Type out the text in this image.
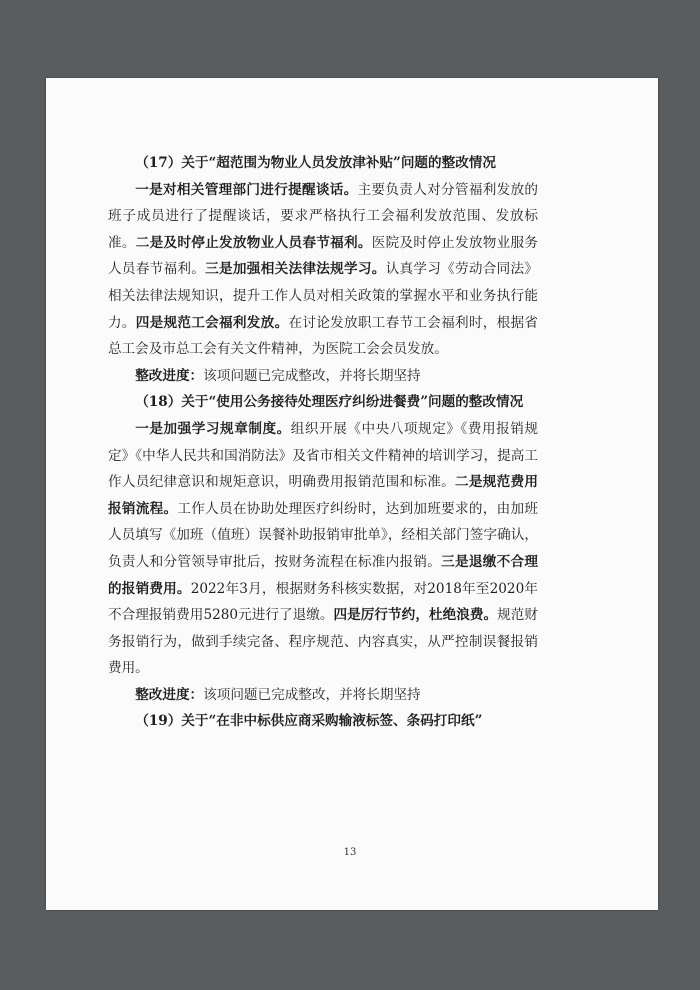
（17）关于“超范围为物业人员发放津补贴”问题的整改情况

一是对相关管理部门进行提醒谈话。主要负责人对分管福利发放的班子成员进行了提醒谈话，要求严格执行工会福利发放范围、发放标准。二是及时停止发放物业人员春节福利。医院及时停止发放物业服务人员春节福利。三是加强相关法律法规学习。认真学习《劳动合同法》相关法律法规知识，提升工作人员对相关政策的掌握水平和业务执行能力。四是规范工会福利发放。在讨论发放职工春节工会福利时，根据省总工会及市总工会有关文件精神，为医院工会会员发放。

整改进度：该项问题已完成整改，并将长期坚持

（18）关于“使用公务接待处理医疗纠纷进餐费”问题的整改情况

一是加强学习规章制度。组织开展《中央八项规定》《费用报销规定》《中华人民共和国消防法》及省市相关文件精神的培训学习，提高工作人员纪律意识和规矩意识，明确费用报销范围和标准。二是规范费用报销流程。工作人员在协助处理医疗纠纷时，达到加班要求的，由加班人员填写《加班（值班）误餐补助报销审批单》，经相关部门签字确认，负责人和分管领导审批后，按财务流程在标准内报销。三是退缴不合理的报销费用。2022年3月，根据财务科核实数据，对2018年至2020年不合理报销费用5280元进行了退缴。四是厉行节约，杜绝浪费。规范财务报销行为，做到手续完备、程序规范、内容真实，从严控制误餐报销费用。

整改进度：该项问题已完成整改，并将长期坚持

（19）关于“在非中标供应商采购输液标签、条码打印纸”

13
